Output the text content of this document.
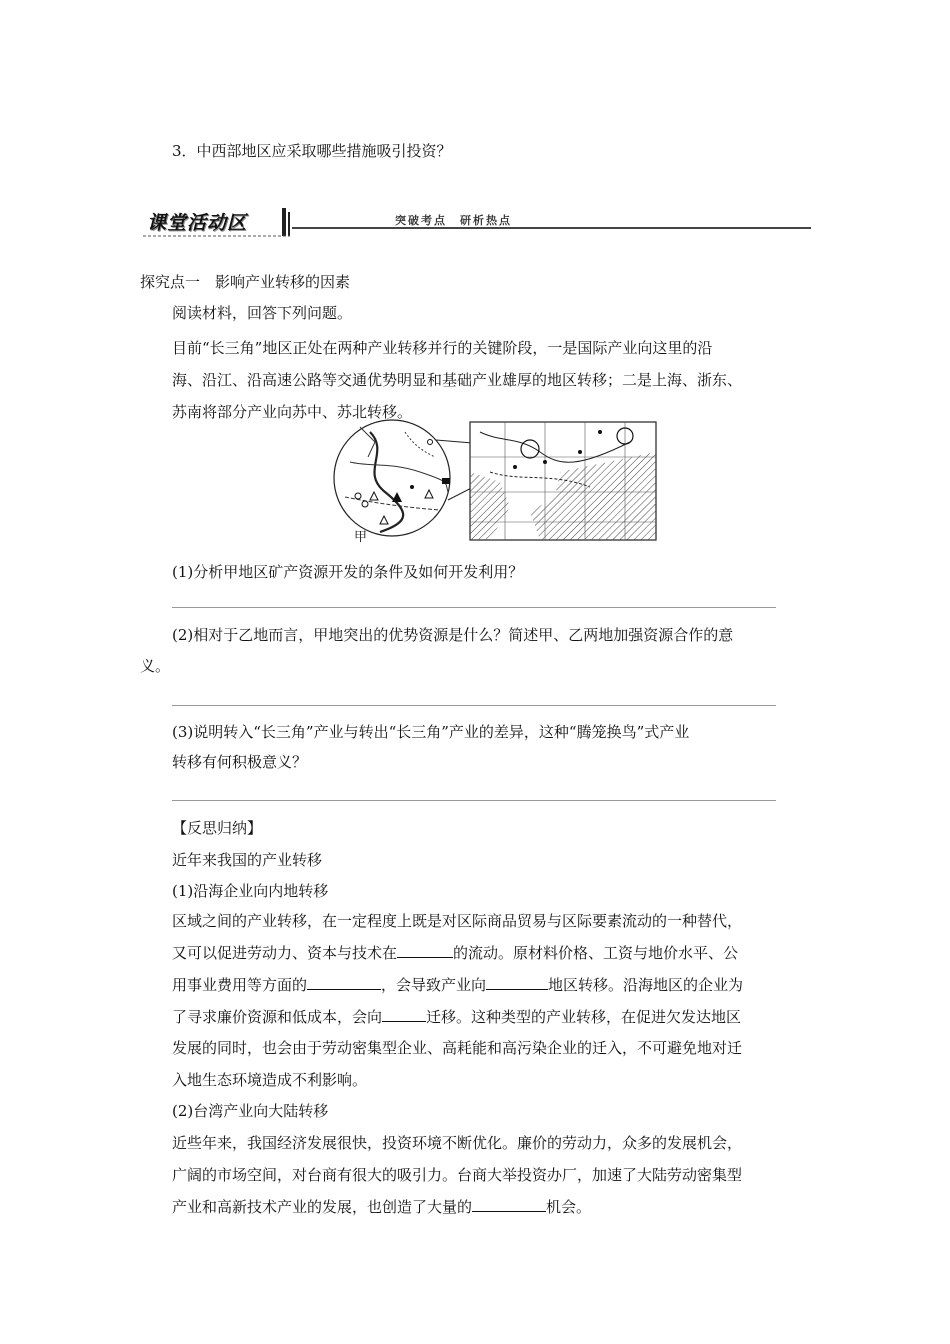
3．中西部地区应采取哪些措施吸引投资？
课堂活动区	突破考点　研析热点
探究点一　影响产业转移的因素
阅读材料，回答下列问题。
目前“长三角”地区正处在两种产业转移并行的关键阶段，一是国际产业向这里的沿
海、沿江、沿高速公路等交通优势明显和基础产业雄厚的地区转移；二是上海、浙东、
苏南将部分产业向苏中、苏北转移。
甲
(1)分析甲地区矿产资源开发的条件及如何开发利用？
(2)相对于乙地而言，甲地突出的优势资源是什么？简述甲、乙两地加强资源合作的意
义。
(3)说明转入“长三角”产业与转出“长三角”产业的差异，这种“腾笼换鸟”式产业
转移有何积极意义？
【反思归纳】
近年来我国的产业转移
(1)沿海企业向内地转移
区域之间的产业转移，在一定程度上既是对区际商品贸易与区际要素流动的一种替代，
又可以促进劳动力、资本与技术在	的流动。原材料价格、工资与地价水平、公
用事业费用等方面的	，会导致产业向	地区转移。沿海地区的企业为
了寻求廉价资源和低成本，会向	迁移。这种类型的产业转移，在促进欠发达地区
发展的同时，也会由于劳动密集型企业、高耗能和高污染企业的迁入，不可避免地对迁
入地生态环境造成不利影响。
(2)台湾产业向大陆转移
近些年来，我国经济发展很快，投资环境不断优化。廉价的劳动力，众多的发展机会，
广阔的市场空间，对台商有很大的吸引力。台商大举投资办厂，加速了大陆劳动密集型
产业和高新技术产业的发展，也创造了大量的	机会。
